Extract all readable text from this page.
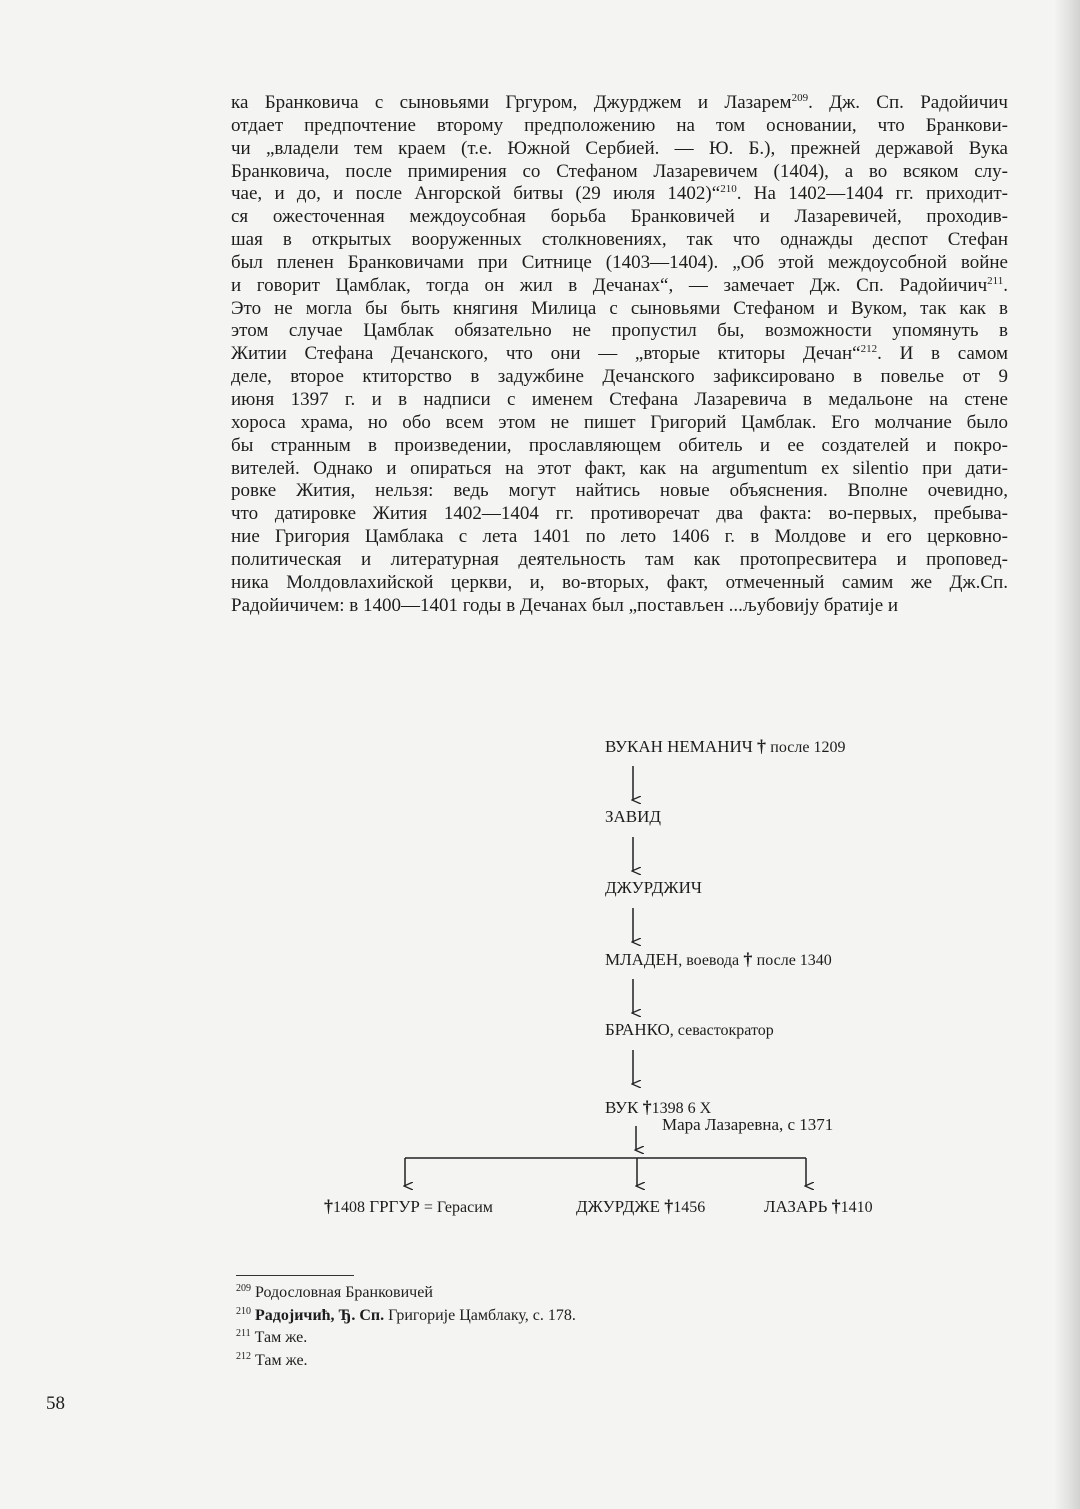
ка Бранковича с сыновьями Гргуром, Джурджем и Лазарем$^{209}$. Дж. Сп. Радойичич
отдает предпочтение второму предположению на том основании, что Бранкови-
чи „владели тем краем (т.е. Южной Сербией. — Ю. Б.), прежней державой Вука
Бранковича, после примирения со Стефаном Лазаревичем (1404), а во всяком слу-
чае, и до, и после Ангорской битвы (29 июля 1402)“$^{210}$. На 1402—1404 гг. приходит-
ся ожесточенная междоусобная борьба Бранковичей и Лазаревичей, проходив-
шая в открытых вооруженных столкновениях, так что однажды деспот Стефан
был пленен Бранковичами при Ситнице (1403—1404). „Об этой междоусобной войне
и говорит Цамблак, тогда он жил в Дечанах“, — замечает Дж. Сп. Радойичич$^{211}$.
Это не могла бы быть княгиня Милица с сыновьями Стефаном и Вуком, так как в
этом случае Цамблак обязательно не пропустил бы, возможности упомянуть в
Житии Стефана Дечанского, что они — „вторые ктиторы Дечан“$^{212}$. И в самом
деле, второе ктиторство в задужбине Дечанского зафиксировано в повелье от 9
июня 1397 г. и в надписи с именем Стефана Лазаревича в медальоне на стене
хороса храма, но обо всем этом не пишет Григорий Цамблак. Его молчание было
бы странным в произведении, прославляющем обитель и ее создателей и покро-
вителей. Однако и опираться на этот факт, как на argumentum ex silentio при дати-
ровке Жития, нельзя: ведь могут найтись новые объяснения. Вполне очевидно,
что датировке Жития 1402—1404 гг. противоречат два факта: во-первых, пребыва-
ние Григория Цамблака с лета 1401 по лето 1406 г. в Молдове и его церковно-
политическая и литературная деятельность там как протопресвитера и проповед-
ника Молдовлахийской церкви, и, во-вторых, факт, отмеченный самим же Дж.Сп.
Радойичичем: в 1400—1401 годы в Дечанах был „постављен ...љубовију братије и
ВУКАН НЕМАНИЧ † после 1209
ЗАВИД
ДЖУРДЖИЧ
МЛАДЕН, воевода † после 1340
БРАНКО, севастократор
ВУК †1398 6 X
Мара Лазаревна, с 1371
†1408 ГРГУР = Герасим	ДЖУРДЖЕ †1456	ЛАЗАРЬ †1410
$^{209}$ Родословная Бранковичей
$^{210}$ Радојичић, Ђ. Сп. Григорије Цамблаку, с. 178.
$^{211}$ Там же.
$^{212}$ Там же.
58
